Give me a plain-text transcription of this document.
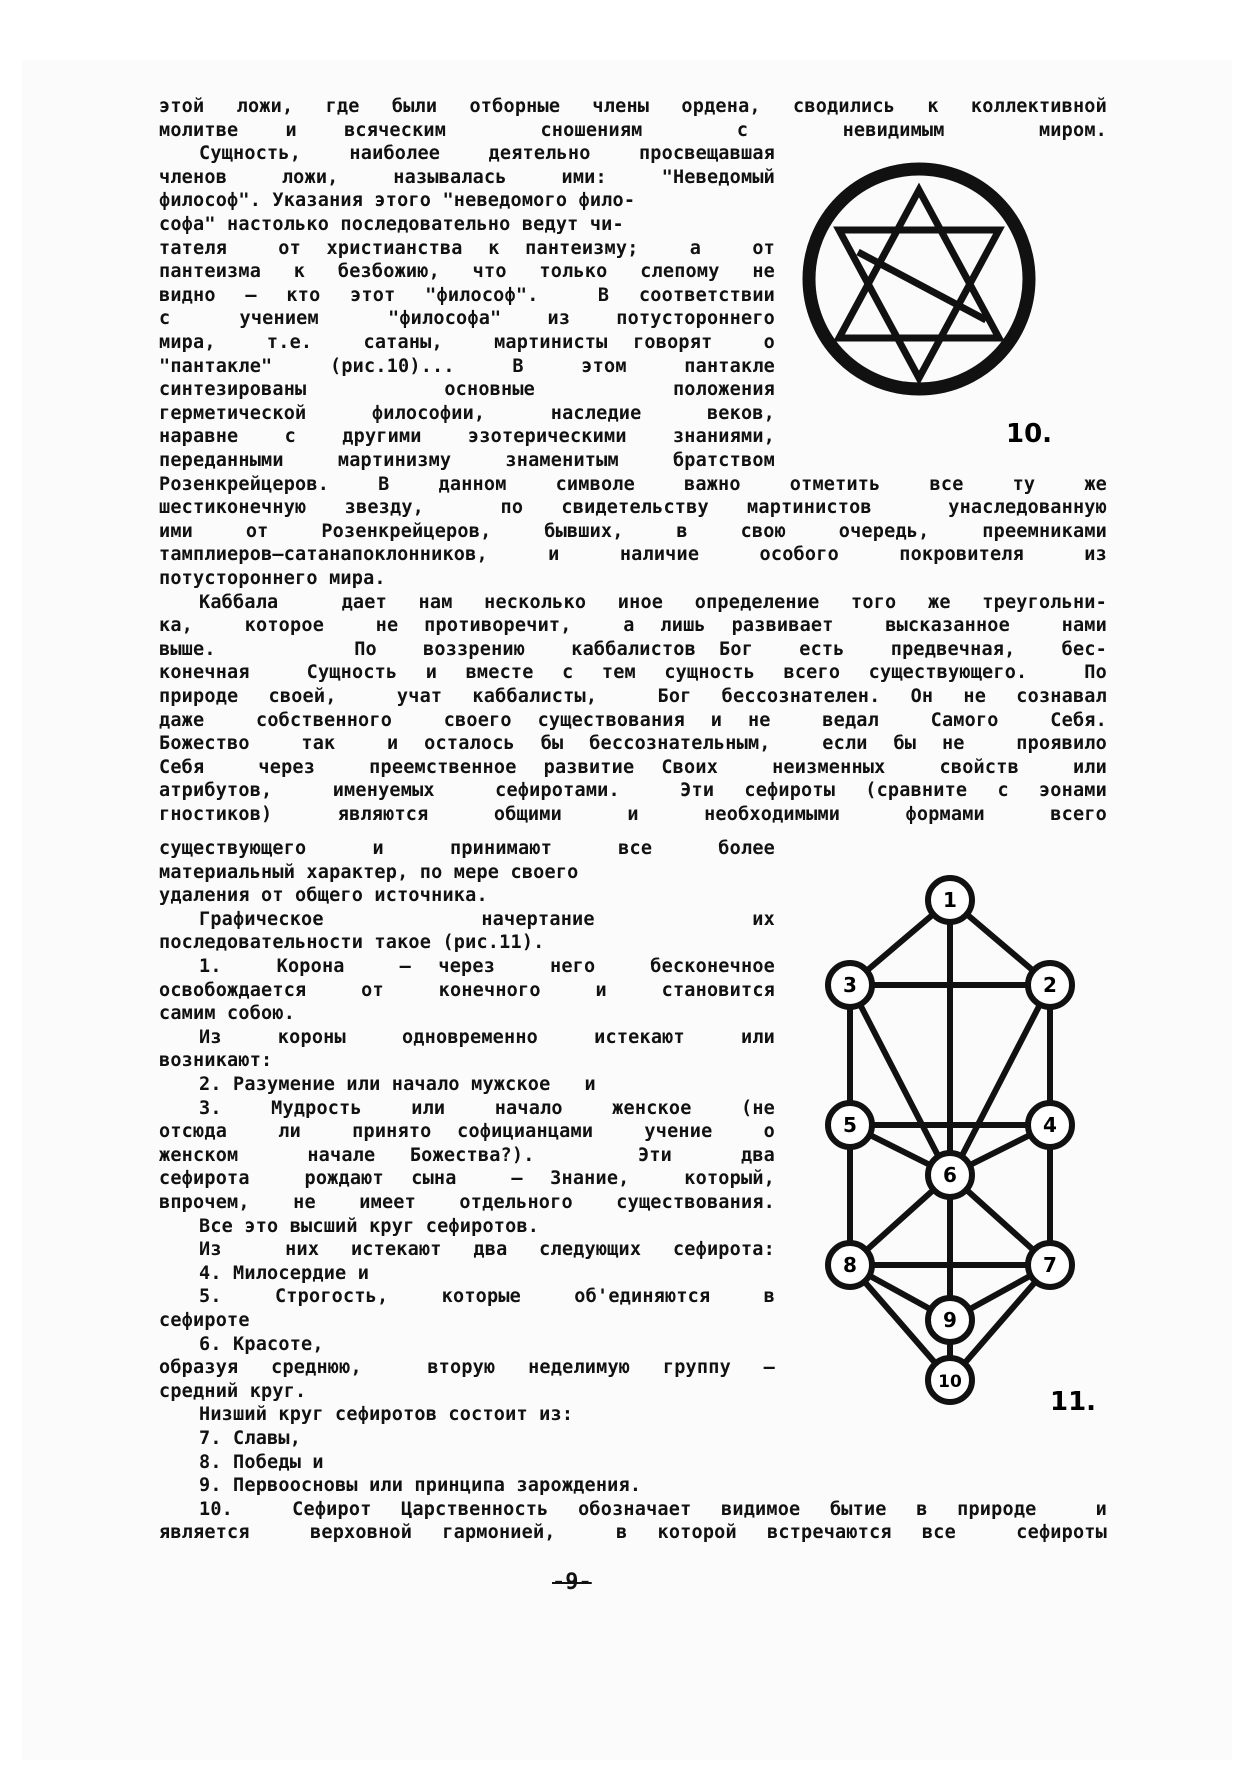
этой ложи, где были отборные члены ордена, сводились к коллективной
молитве и всяческим  сношениям  с  невидимым  миром.
Сущность, наиболее деятельно просвещавшая
членов  ложи,  называлась  ими:  "Неведомый
философ". Указания этого "неведомого фило-
софа" настолько последовательно ведут чи-
тателя  от христианства к пантеизму;  а  от
пантеизма к безбожию, что только слепому не
видно – кто этот "философ".  В соответствии
с   учением   "философа"  из  потустороннего
мира,  т.е.  сатаны,  мартинисты говорят  о
"пантакле"  (рис.10)...  В  этом  пантакле
синтезированы   основные   положения
герметической философии, наследие веков,
наравне с другими эзотерическими знаниями,
переданными мартинизму знаменитым братством
Розенкрейцеров.  В  данном  символе  важно  отметить  все  ту  же
шестиконечную звезду,  по свидетельству мартинистов  унаследованную
ими  от  Розенкрейцеров,  бывших,  в  свою  очередь,  преемниками
тамплиеров–сатанапоклонников,  и  наличие  особого  покровителя  из
потустороннего мира.
Каббала  дает нам несколько иное определение того же треугольни-
ка,  которое  не противоречит,  а лишь развивает  высказанное  нами
выше.      По  воззрению  каббалистов Бог  есть  предвечная,  бес-
конечная  Сущность и вместе с тем сущность всего существующего.  По
природе своей,  учат каббалисты,  Бог бессознателен. Он не сознавал
даже  собственного  своего существования и не  ведал  Самого  Себя.
Божество  так  и осталось бы бессознательным,  если бы не  проявило
Себя  через  преемственное развитие Своих  неизменных  свойств  или
атрибутов,  именуемых  сефиротами.  Эти сефироты (сравните с эонами
гностиков)  являются  общими  и  необходимыми  формами  всего
существующего   и   принимают   все   более
материальный характер, по мере своего
удаления от общего источника.
Графическое       начертание       их
последовательности такое (рис.11).
1.  Корона  – через  него  бесконечное
освобождается  от  конечного  и  становится
самим собою.
Из  короны  одновременно  истекают  или
возникают:
2. Разумение или начало мужское   и
3.  Мудрость  или  начало  женское  (не
отсюда  ли  принято софицианцами  учение  о
женском  начале Божества?).   Эти  два
сефирота  рождают сына  – Знание,  который,
впрочем, не имеет отдельного существования.
Все это высший круг сефиротов.
Из  них истекают два следующих сефирота:
4. Милосердие и
5.  Строгость,  которые  об'единяются  в
сефироте
6. Красоте,
образуя среднюю,  вторую неделимую группу –
средний круг.
Низший круг сефиротов состоит из:
7. Славы,
8. Победы и
9. Первоосновы или принципа зарождения.
10.  Сефирот Царственность обозначает видимое бытие в природе  и
является  верховной гармонией,  в которой встречаются все  сефироты
10.
1
2
3
4
5
6
7
8
9
10
11.
-9-
